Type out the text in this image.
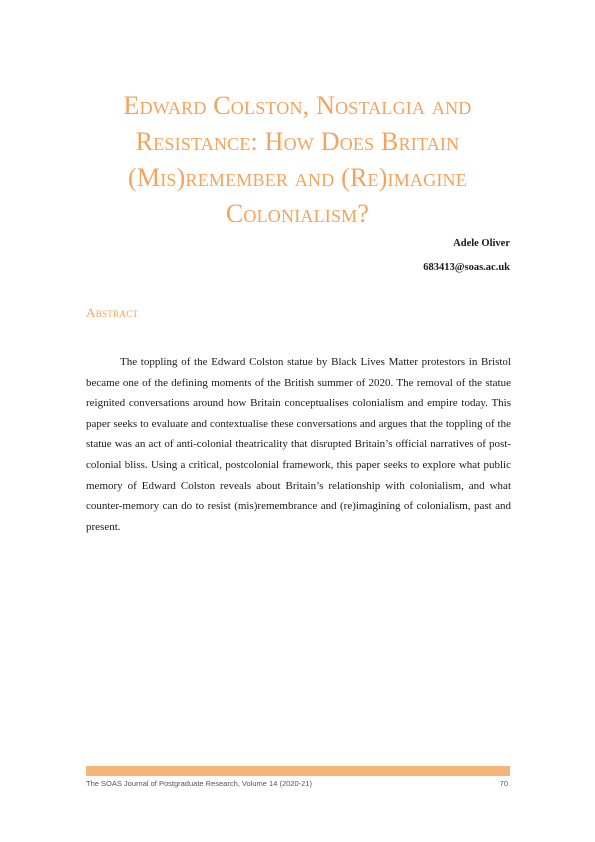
Edward Colston, Nostalgia and
Resistance: How Does Britain
(Mis)remember and (Re)imagine
Colonialism?
Adele Oliver
683413@soas.ac.uk
Abstract

The toppling of the Edward Colston statue by Black Lives Matter protestors in Bristol became one of the defining moments of the British summer of 2020. The removal of the statue reignited conversations around how Britain conceptualises colonialism and empire today. This paper seeks to evaluate and contextualise these conversations and argues that the toppling of the statue was an act of anti-colonial theatricality that disrupted Britain’s official narratives of post-colonial bliss. Using a critical, postcolonial framework, this paper seeks to explore what public memory of Edward Colston reveals about Britain’s relationship with colonialism, and what counter-memory can do to resist (mis)remembrance and (re)imagining of colonialism, past and present.

The SOAS Journal of Postgraduate Research, Volume 14 (2020-21)	70
